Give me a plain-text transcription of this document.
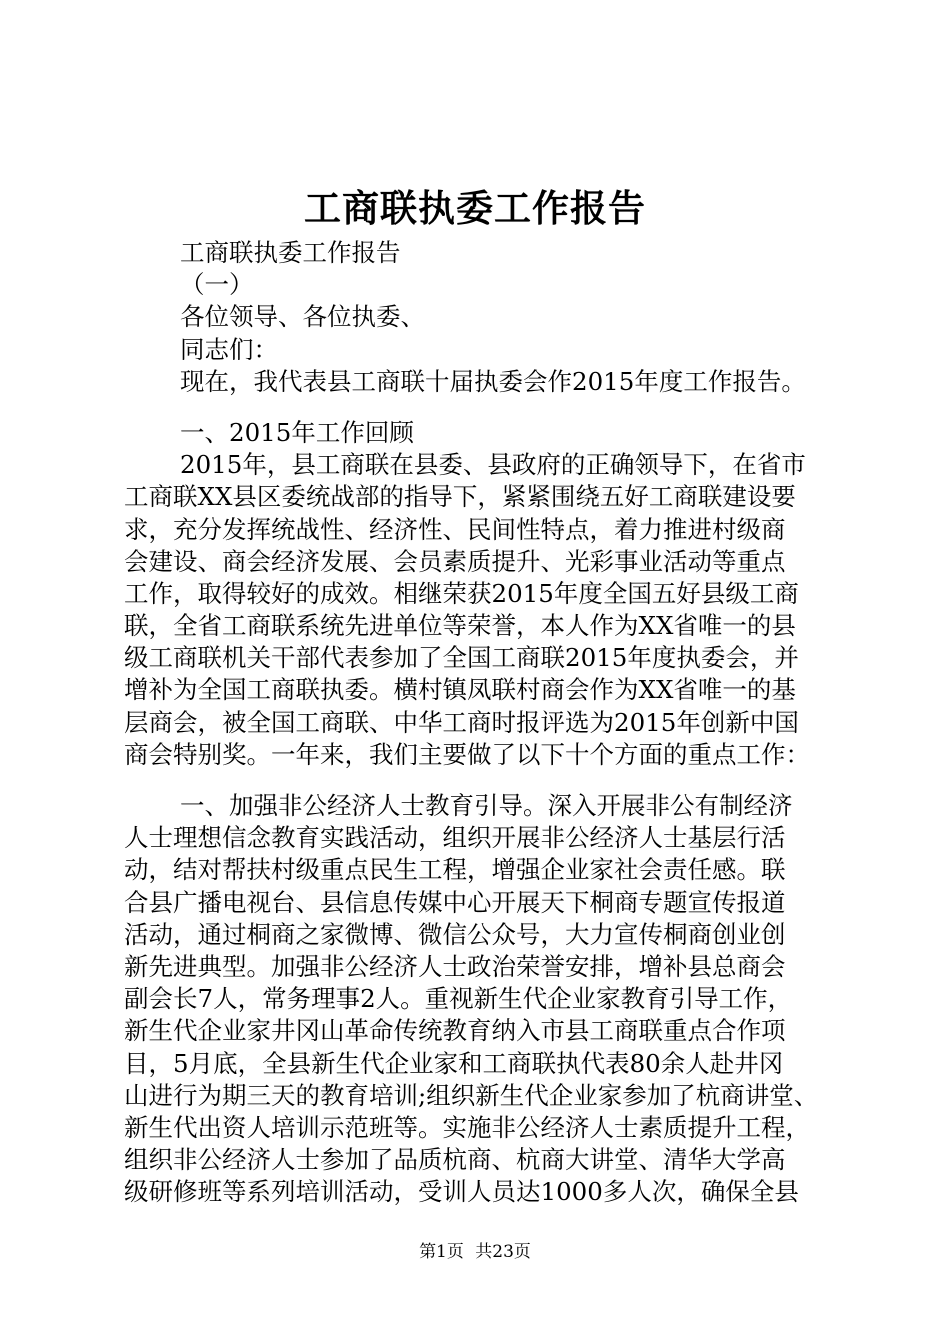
工商联执委工作报告
工商联执委工作报告
（一）
各位领导、各位执委、
同志们：
现在，我代表县工商联十届执委会作2015年度工作报告。
一、2015年工作回顾
2015年，县工商联在县委、县政府的正确领导下，在省市
工商联XX县区委统战部的指导下，紧紧围绕五好工商联建设要
求，充分发挥统战性、经济性、民间性特点，着力推进村级商
会建设、商会经济发展、会员素质提升、光彩事业活动等重点
工作，取得较好的成效。相继荣获2015年度全国五好县级工商
联，全省工商联系统先进单位等荣誉，本人作为XX省唯一的县
级工商联机关干部代表参加了全国工商联2015年度执委会，并
增补为全国工商联执委。横村镇凤联村商会作为XX省唯一的基
层商会，被全国工商联、中华工商时报评选为2015年创新中国
商会特别奖。一年来，我们主要做了以下十个方面的重点工作：
一、加强非公经济人士教育引导。深入开展非公有制经济
人士理想信念教育实践活动，组织开展非公经济人士基层行活
动，结对帮扶村级重点民生工程，增强企业家社会责任感。联
合县广播电视台、县信息传媒中心开展天下桐商专题宣传报道
活动，通过桐商之家微博、微信公众号，大力宣传桐商创业创
新先进典型。加强非公经济人士政治荣誉安排，增补县总商会
副会长7人，常务理事2人。重视新生代企业家教育引导工作，
新生代企业家井冈山革命传统教育纳入市县工商联重点合作项
目，5月底，全县新生代企业家和工商联执代表80余人赴井冈
山进行为期三天的教育培训;组织新生代企业家参加了杭商讲堂、
新生代出资人培训示范班等。实施非公经济人士素质提升工程，
组织非公经济人士参加了品质杭商、杭商大讲堂、清华大学高
级研修班等系列培训活动，受训人员达1000多人次，确保全县
第1页 共23页
